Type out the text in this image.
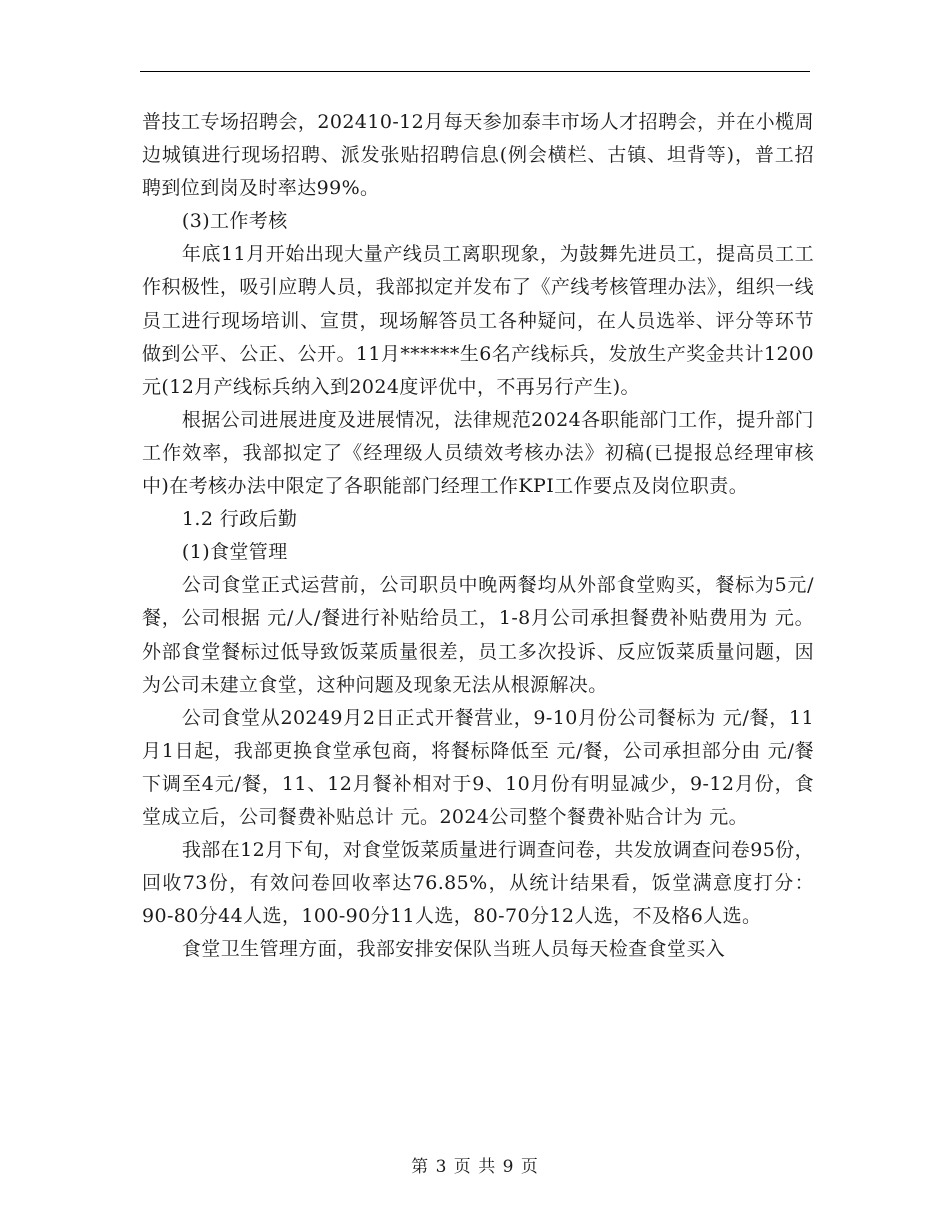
普技工专场招聘会，202410-12月每天参加泰丰市场人才招聘会，并在小榄周边城镇进行现场招聘、派发张贴招聘信息(例会横栏、古镇、坦背等)，普工招聘到位到岗及时率达99%。

(3)工作考核

年底11月开始出现大量产线员工离职现象，为鼓舞先进员工，提高员工工作积极性，吸引应聘人员，我部拟定并发布了《产线考核管理办法》，组织一线员工进行现场培训、宣贯，现场解答员工各种疑问，在人员选举、评分等环节做到公平、公正、公开。11月******生6名产线标兵，发放生产奖金共计1200元(12月产线标兵纳入到2024度评优中，不再另行产生)。

根据公司进展进度及进展情况，法律规范2024各职能部门工作，提升部门工作效率，我部拟定了《经理级人员绩效考核办法》初稿(已提报总经理审核中)在考核办法中限定了各职能部门经理工作KPI工作要点及岗位职责。

1.2 行政后勤

(1)食堂管理

公司食堂正式运营前，公司职员中晚两餐均从外部食堂购买，餐标为5元/餐，公司根据 元/人/餐进行补贴给员工，1-8月公司承担餐费补贴费用为 元。外部食堂餐标过低导致饭菜质量很差，员工多次投诉、反应饭菜质量问题，因为公司未建立食堂，这种问题及现象无法从根源解决。

公司食堂从20249月2日正式开餐营业，9-10月份公司餐标为 元/餐，11月1日起，我部更换食堂承包商，将餐标降低至 元/餐，公司承担部分由 元/餐下调至4元/餐，11、12月餐补相对于9、10月份有明显减少，9-12月份，食堂成立后，公司餐费补贴总计 元。2024公司整个餐费补贴合计为 元。

我部在12月下旬，对食堂饭菜质量进行调查问卷，共发放调查问卷95份，回收73份，有效问卷回收率达76.85%，从统计结果看，饭堂满意度打分：90-80分44人选，100-90分11人选，80-70分12人选，不及格6人选。

食堂卫生管理方面，我部安排安保队当班人员每天检查食堂买入

第 3 页 共 9 页
